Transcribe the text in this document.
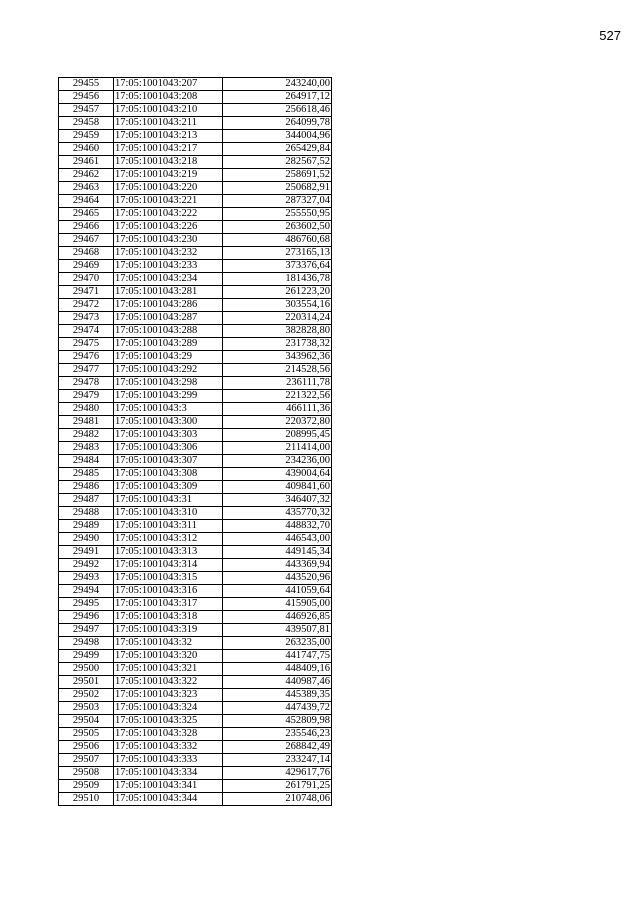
527
29455	17:05:1001043:207	243240,00
29456	17:05:1001043:208	264917,12
29457	17:05:1001043:210	256618,46
29458	17:05:1001043:211	264099,78
29459	17:05:1001043:213	344004,96
29460	17:05:1001043:217	265429,84
29461	17:05:1001043:218	282567,52
29462	17:05:1001043:219	258691,52
29463	17:05:1001043:220	250682,91
29464	17:05:1001043:221	287327,04
29465	17:05:1001043:222	255550,95
29466	17:05:1001043:226	263602,50
29467	17:05:1001043:230	486760,68
29468	17:05:1001043:232	273165,13
29469	17:05:1001043:233	373376,64
29470	17:05:1001043:234	181436,78
29471	17:05:1001043:281	261223,20
29472	17:05:1001043:286	303554,16
29473	17:05:1001043:287	220314,24
29474	17:05:1001043:288	382828,80
29475	17:05:1001043:289	231738,32
29476	17:05:1001043:29	343962,36
29477	17:05:1001043:292	214528,56
29478	17:05:1001043:298	236111,78
29479	17:05:1001043:299	221322,56
29480	17:05:1001043:3	466111,36
29481	17:05:1001043:300	220372,80
29482	17:05:1001043:303	208995,45
29483	17:05:1001043:306	211414,00
29484	17:05:1001043:307	234236,00
29485	17:05:1001043:308	439004,64
29486	17:05:1001043:309	409841,60
29487	17:05:1001043:31	346407,32
29488	17:05:1001043:310	435770,32
29489	17:05:1001043:311	448832,70
29490	17:05:1001043:312	446543,00
29491	17:05:1001043:313	449145,34
29492	17:05:1001043:314	443369,94
29493	17:05:1001043:315	443520,96
29494	17:05:1001043:316	441059,64
29495	17:05:1001043:317	415905,00
29496	17:05:1001043:318	446926,85
29497	17:05:1001043:319	439507,81
29498	17:05:1001043:32	263235,00
29499	17:05:1001043:320	441747,75
29500	17:05:1001043:321	448409,16
29501	17:05:1001043:322	440987,46
29502	17:05:1001043:323	445389,35
29503	17:05:1001043:324	447439,72
29504	17:05:1001043:325	452809,98
29505	17:05:1001043:328	235546,23
29506	17:05:1001043:332	268842,49
29507	17:05:1001043:333	233247,14
29508	17:05:1001043:334	429617,76
29509	17:05:1001043:341	261791,25
29510	17:05:1001043:344	210748,06
